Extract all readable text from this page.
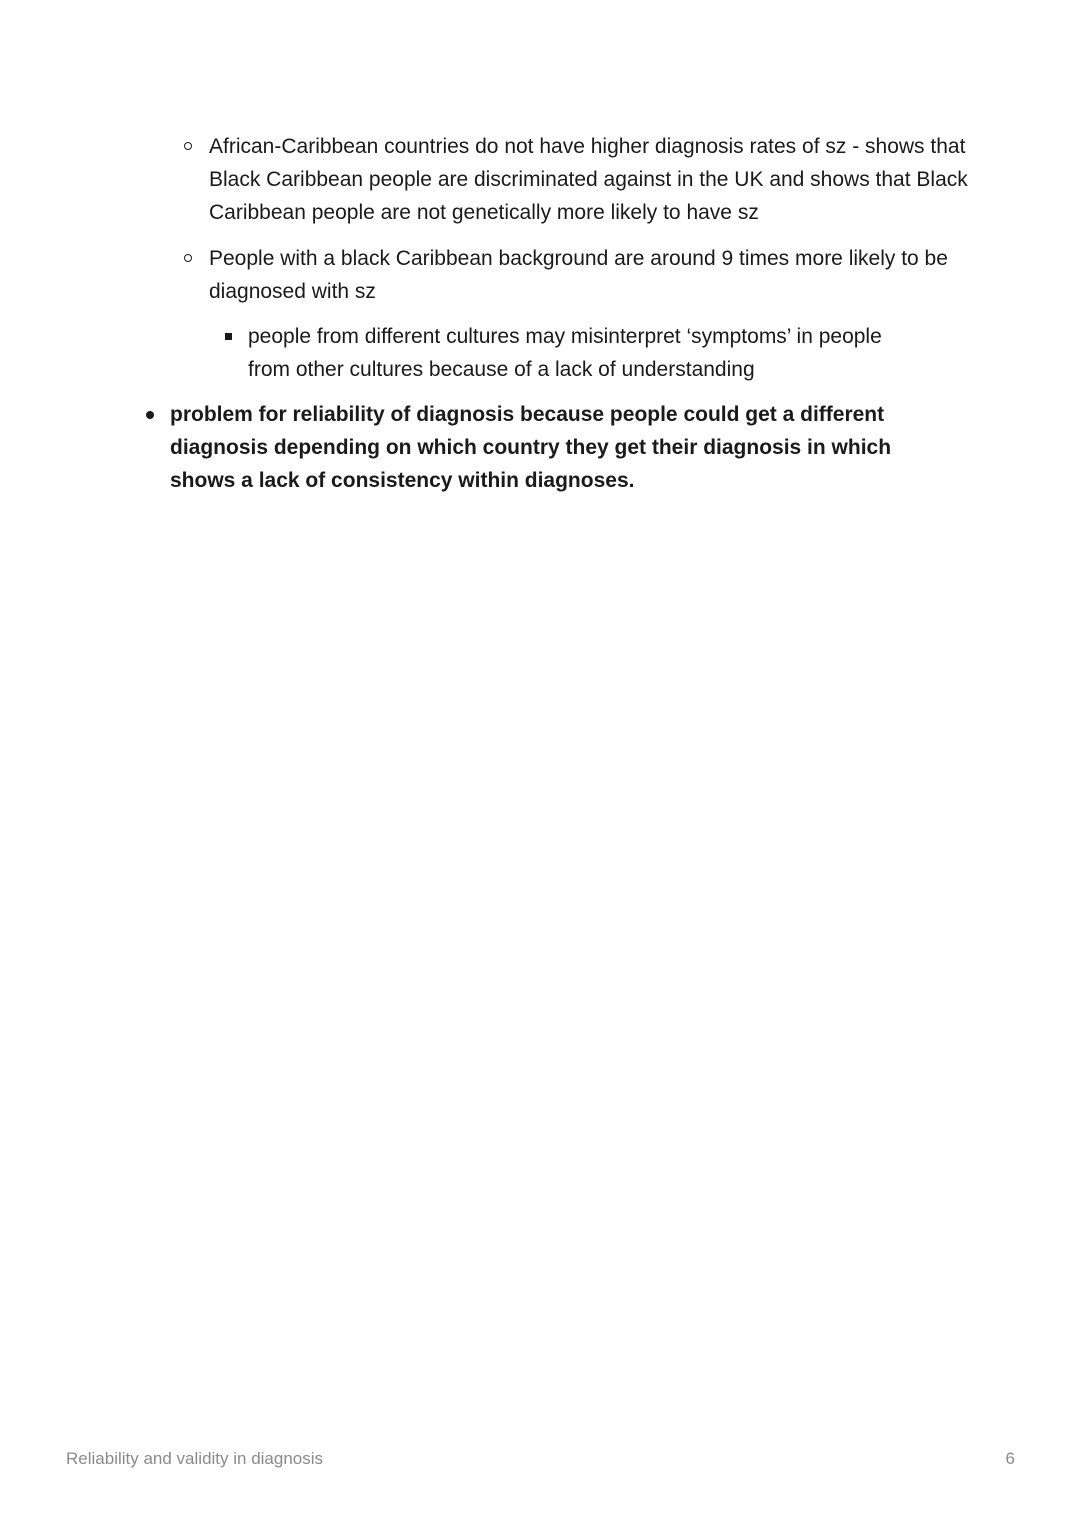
African-Caribbean countries do not have higher diagnosis rates of sz - shows that Black Caribbean people are discriminated against in the UK and shows that Black Caribbean people are not genetically more likely to have sz
People with a black Caribbean background are around 9 times more likely to be diagnosed with sz
people from different cultures may misinterpret ‘symptoms’ in people from other cultures because of a lack of understanding
problem for reliability of diagnosis because people could get a different diagnosis depending on which country they get their diagnosis in which shows a lack of consistency within diagnoses.
Reliability and validity in diagnosis	6
